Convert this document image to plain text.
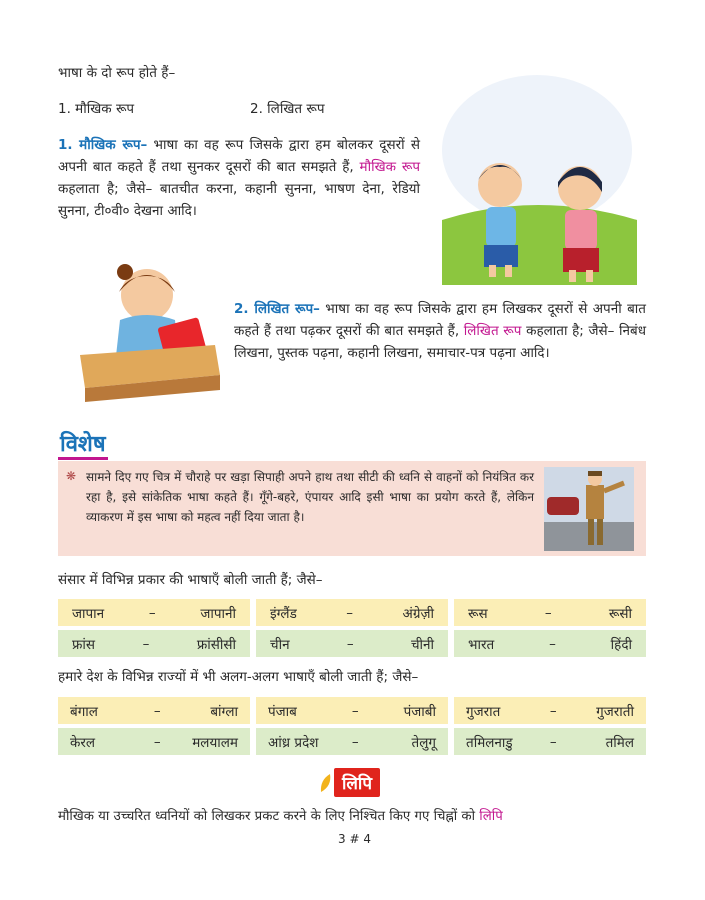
भाषा के दो रूप होते हैं–
1. मौखिक रूप	2. लिखित रूप
1. मौखिक रूप– भाषा का वह रूप जिसके द्वारा हम बोलकर दूसरों से अपनी बात कहते हैं तथा सुनकर दूसरों की बात समझते हैं, मौखिक रूप कहलाता है; जैसे– बातचीत करना, कहानी सुनना, भाषण देना, रेडियो सुनना, टी०वी० देखना आदि।
2. लिखित रूप– भाषा का वह रूप जिसके द्वारा हम लिखकर दूसरों से अपनी बात कहते हैं तथा पढ़कर दूसरों की बात समझते हैं, लिखित रूप कहलाता है; जैसे– निबंध लिखना, पुस्तक पढ़ना, कहानी लिखना, समाचार-पत्र पढ़ना आदि।
विशेष
❋ सामने दिए गए चित्र में चौराहे पर खड़ा सिपाही अपने हाथ तथा सीटी की ध्वनि से वाहनों को नियंत्रित कर रहा है, इसे सांकेतिक भाषा कहते हैं। गूँगे-बहरे, एंपायर आदि इसी भाषा का प्रयोग करते हैं, लेकिन व्याकरण में इस भाषा को महत्व नहीं दिया जाता है।
संसार में विभिन्न प्रकार की भाषाएँ बोली जाती हैं; जैसे–
जापान	–	जापानी	इंग्लैंड	–	अंग्रेज़ी	रूस	–	रूसी
फ्रांस	–	फ्रांसीसी	चीन	–	चीनी	भारत	–	हिंदी
हमारे देश के विभिन्न राज्यों में भी अलग-अलग भाषाएँ बोली जाती हैं; जैसे–
बंगाल	–	बांग्ला पंजाब	–	पंजाबी गुजरात	–	गुजराती
केरल	–	मलयालम आंध्र प्रदेश	–	तेलुगू तमिलनाडु	–	तमिल
लिपि
मौखिक या उच्चरित ध्वनियों को लिखकर प्रकट करने के लिए निश्चित किए गए चिह्नों को लिपि
3 # 4
